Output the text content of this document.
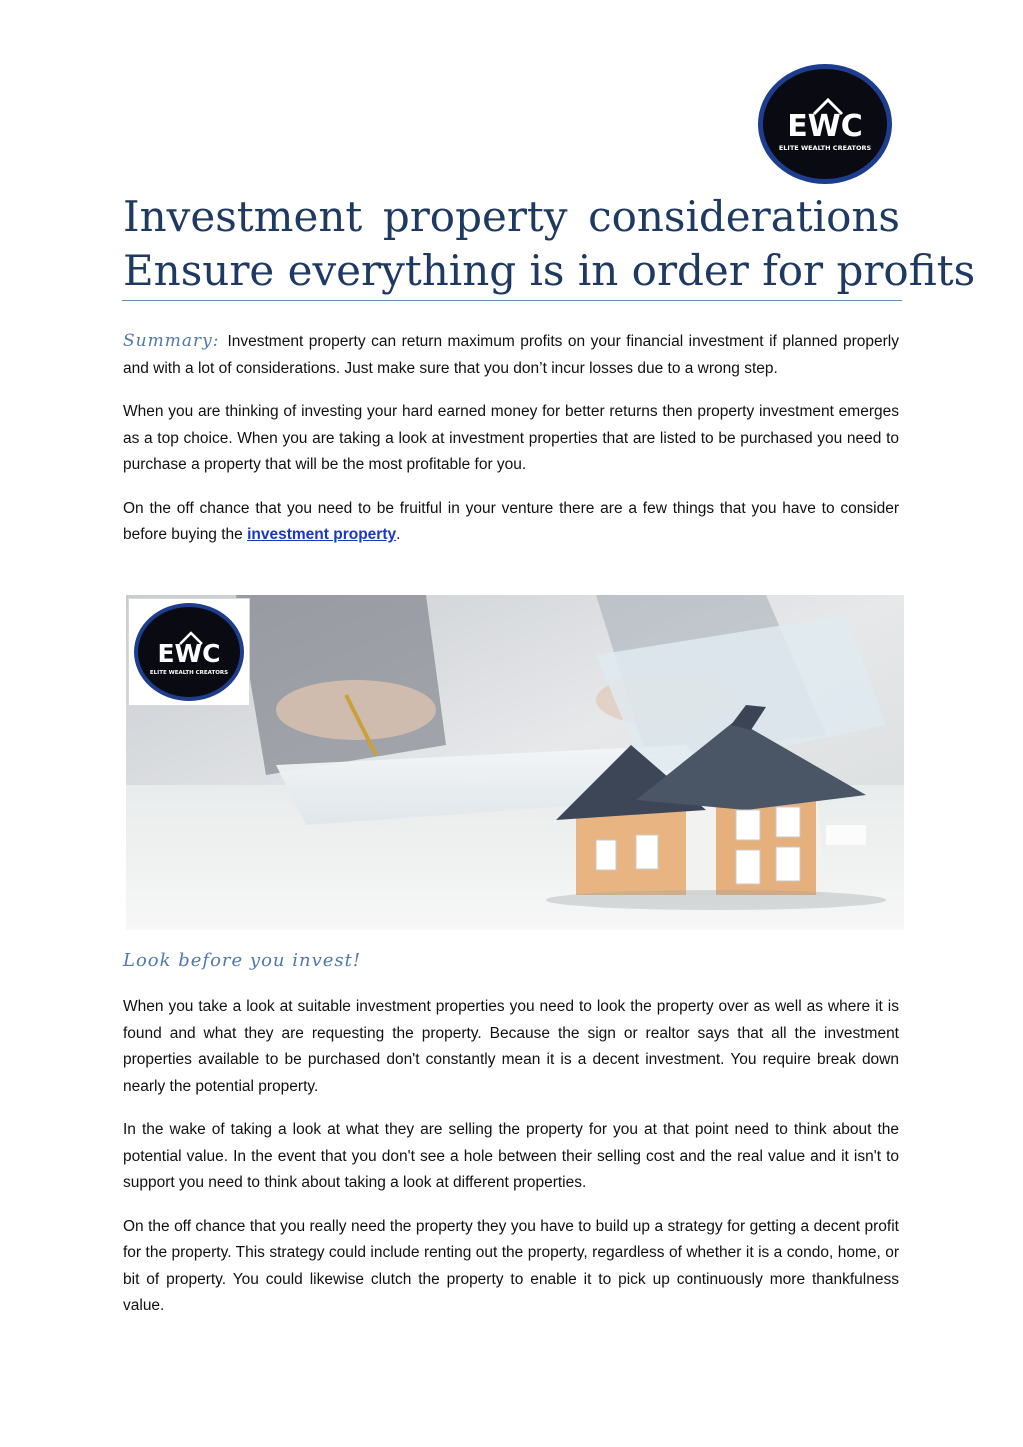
EWC
ELITE WEALTH CREATORS
Investment property considerations
Ensure everything is in order for profits

Summary: Investment property can return maximum profits on your financial investment if planned properly and with a lot of considerations. Just make sure that you don’t incur losses due to a wrong step.

When you are thinking of investing your hard earned money for better returns then property investment emerges as a top choice. When you are taking a look at investment properties that are listed to be purchased you need to purchase a property that will be the most profitable for you.

On the off chance that you need to be fruitful in your venture there are a few things that you have to consider before buying the investment property.

EWC
ELITE WEALTH CREATORS
Look before you invest!

When you take a look at suitable investment properties you need to look the property over as well as where it is found and what they are requesting the property. Because the sign or realtor says that all the investment properties available to be purchased don't constantly mean it is a decent investment. You require break down nearly the potential property.

In the wake of taking a look at what they are selling the property for you at that point need to think about the potential value. In the event that you don't see a hole between their selling cost and the real value and it isn't to support you need to think about taking a look at different properties.

On the off chance that you really need the property they you have to build up a strategy for getting a decent profit for the property. This strategy could include renting out the property, regardless of whether it is a condo, home, or bit of property. You could likewise clutch the property to enable it to pick up continuously more thankfulness value.
